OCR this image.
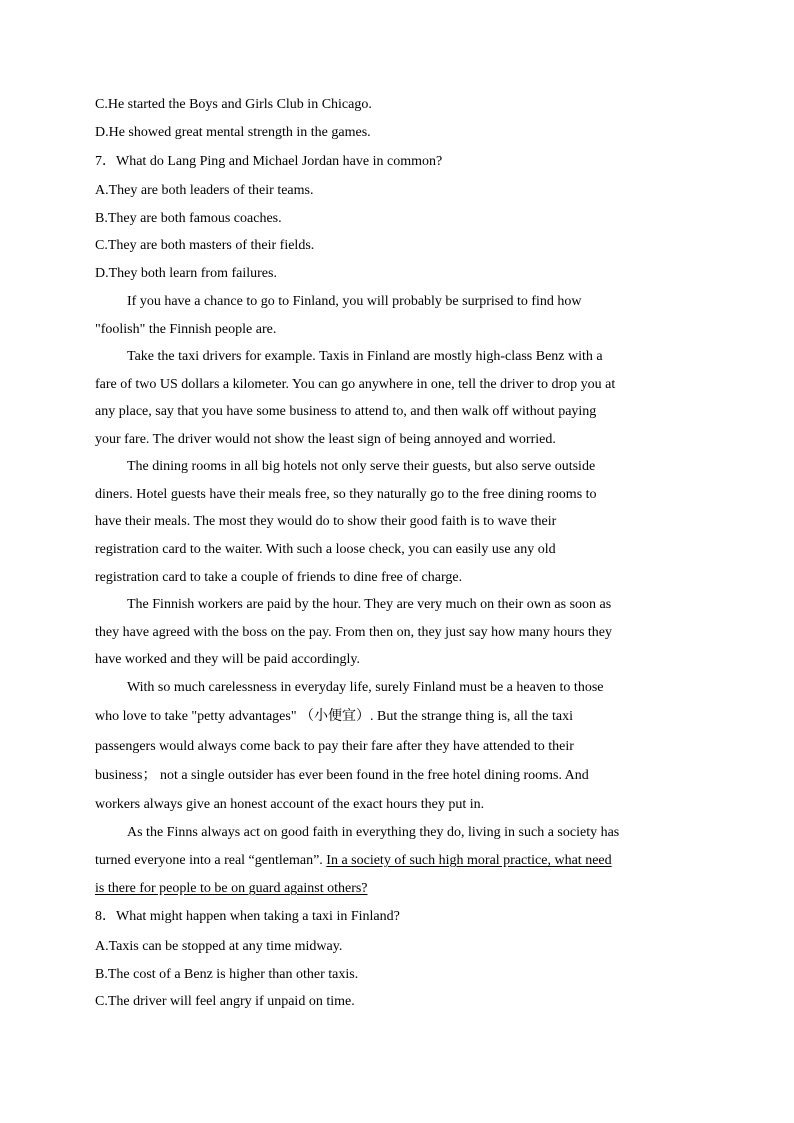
C.He started the Boys and Girls Club in Chicago.
D.He showed great mental strength in the games.
7．What do Lang Ping and Michael Jordan have in common?
A.They are both leaders of their teams.
B.They are both famous coaches.
C.They are both masters of their fields.
D.They both learn from failures.
If you have a chance to go to Finland, you will probably be surprised to find how
"foolish" the Finnish people are.
Take the taxi drivers for example. Taxis in Finland are mostly high-class Benz with a
fare of two US dollars a kilometer. You can go anywhere in one, tell the driver to drop you at
any place, say that you have some business to attend to, and then walk off without paying
your fare. The driver would not show the least sign of being annoyed and worried.
The dining rooms in all big hotels not only serve their guests, but also serve outside
diners. Hotel guests have their meals free, so they naturally go to the free dining rooms to
have their meals. The most they would do to show their good faith is to wave their
registration card to the waiter. With such a loose check, you can easily use any old
registration card to take a couple of friends to dine free of charge.
The Finnish workers are paid by the hour. They are very much on their own as soon as
they have agreed with the boss on the pay. From then on, they just say how many hours they
have worked and they will be paid accordingly.
With so much carelessness in everyday life, surely Finland must be a heaven to those
who love to take "petty advantages" （小便宜）. But the strange thing is, all the taxi
passengers would always come back to pay their fare after they have attended to their
business； not a single outsider has ever been found in the free hotel dining rooms. And
workers always give an honest account of the exact hours they put in.
As the Finns always act on good faith in everything they do, living in such a society has
turned everyone into a real “gentleman”. In a society of such high moral practice, what need
is there for people to be on guard against others?
8．What might happen when taking a taxi in Finland?
A.Taxis can be stopped at any time midway.
B.The cost of a Benz is higher than other taxis.
C.The driver will feel angry if unpaid on time.
